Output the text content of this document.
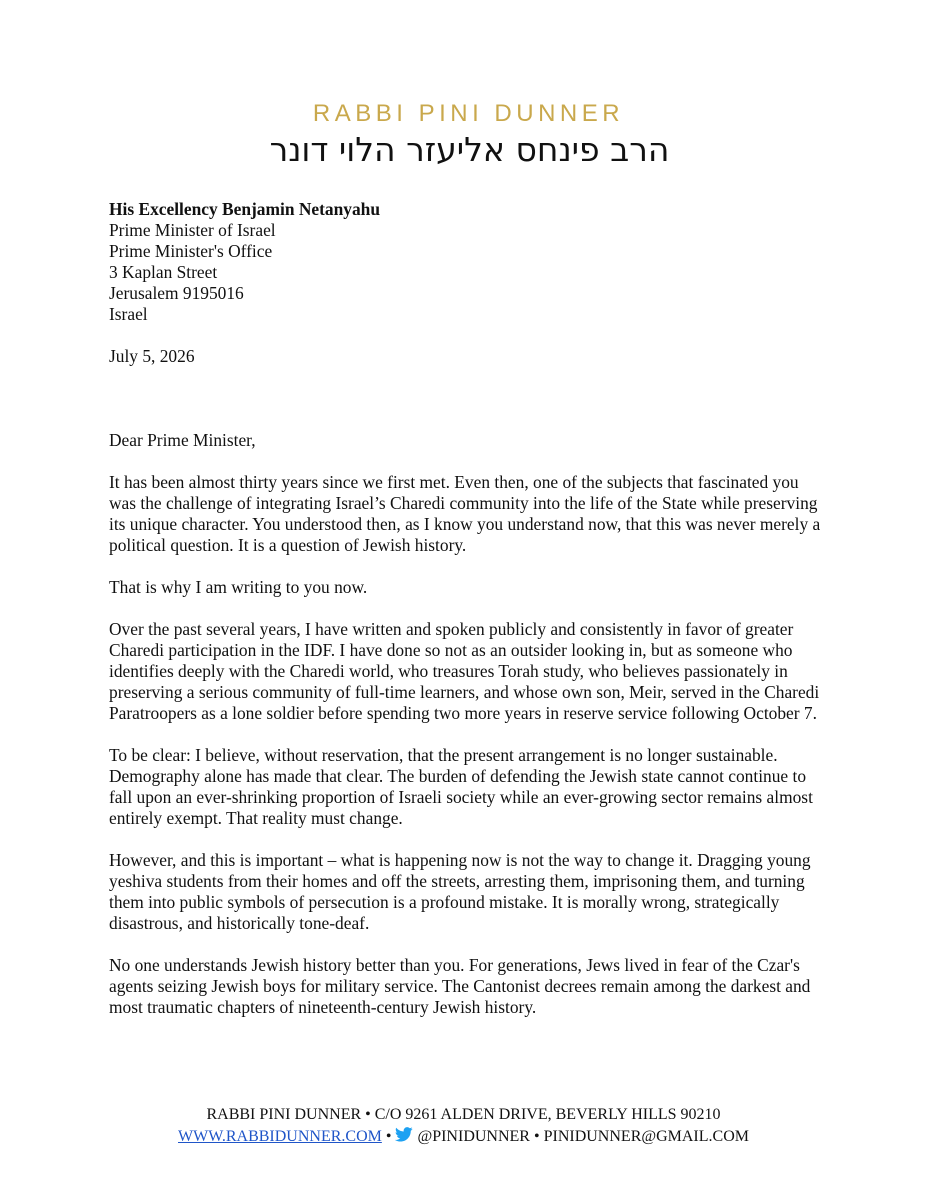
RABBI PINI DUNNER
הרב פינחס אליעזר הלוי דונר

His Excellency Benjamin Netanyahu

Prime Minister of Israel

Prime Minister's Office

3 Kaplan Street

Jerusalem 9195016

Israel

July 5, 2026

Dear Prime Minister,

It has been almost thirty years since we first met. Even then, one of the subjects that fascinated you was the challenge of integrating Israel’s Charedi community into the life of the State while preserving its unique character. You understood then, as I know you understand now, that this was never merely a political question. It is a question of Jewish history.

That is why I am writing to you now.

Over the past several years, I have written and spoken publicly and consistently in favor of greater Charedi participation in the IDF. I have done so not as an outsider looking in, but as someone who identifies deeply with the Charedi world, who treasures Torah study, who believes passionately in preserving a serious community of full-time learners, and whose own son, Meir, served in the Charedi Paratroopers as a lone soldier before spending two more years in reserve service following October 7.

To be clear: I believe, without reservation, that the present arrangement is no longer sustainable. Demography alone has made that clear. The burden of defending the Jewish state cannot continue to fall upon an ever-shrinking proportion of Israeli society while an ever-growing sector remains almost entirely exempt. That reality must change.

However, and this is important – what is happening now is not the way to change it. Dragging young yeshiva students from their homes and off the streets, arresting them, imprisoning them, and turning them into public symbols of persecution is a profound mistake. It is morally wrong, strategically disastrous, and historically tone-deaf.

No one understands Jewish history better than you. For generations, Jews lived in fear of the Czar's agents seizing Jewish boys for military service. The Cantonist decrees remain among the darkest and most traumatic chapters of nineteenth-century Jewish history.

RABBI PINI DUNNER • C/O 9261 ALDEN DRIVE, BEVERLY HILLS 90210
WWW.RABBIDUNNER.COM • @PINIDUNNER • PINIDUNNER@GMAIL.COM
